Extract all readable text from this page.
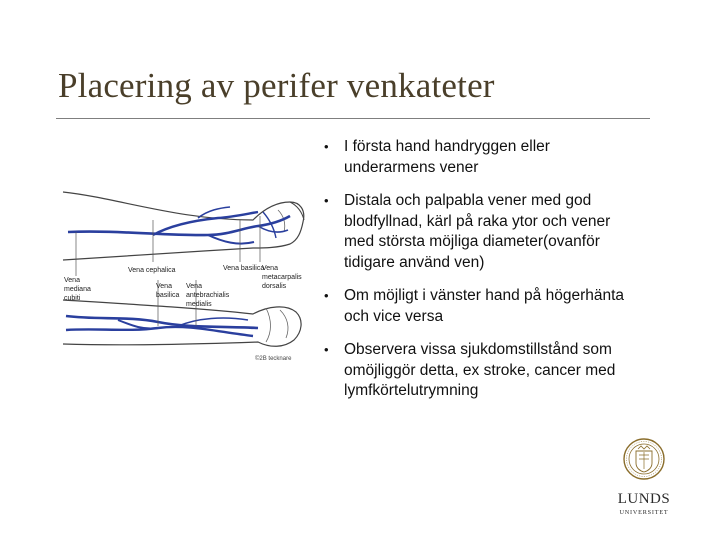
Placering av perifer venkateter
Vena cephalica	Vena basilica
Vena
metacarpalis
dorsalis
Vena
mediana
cubiti
Vena
basilica
Vena
antebrachialis
medialis
©2B tecknare
• I första hand handryggen eller underarmens vener
• Distala och palpabla vener med god blodfyllnad, kärl på raka ytor och vener med största möjliga diameter(ovanför tidigare använd ven)
• Om möjligt i vänster hand på högerhänta och vice versa
• Observera vissa sjukdomstillstånd som omöjliggör detta, ex stroke, cancer med lymfkörtelutrymning
LUNDS
UNIVERSITET
